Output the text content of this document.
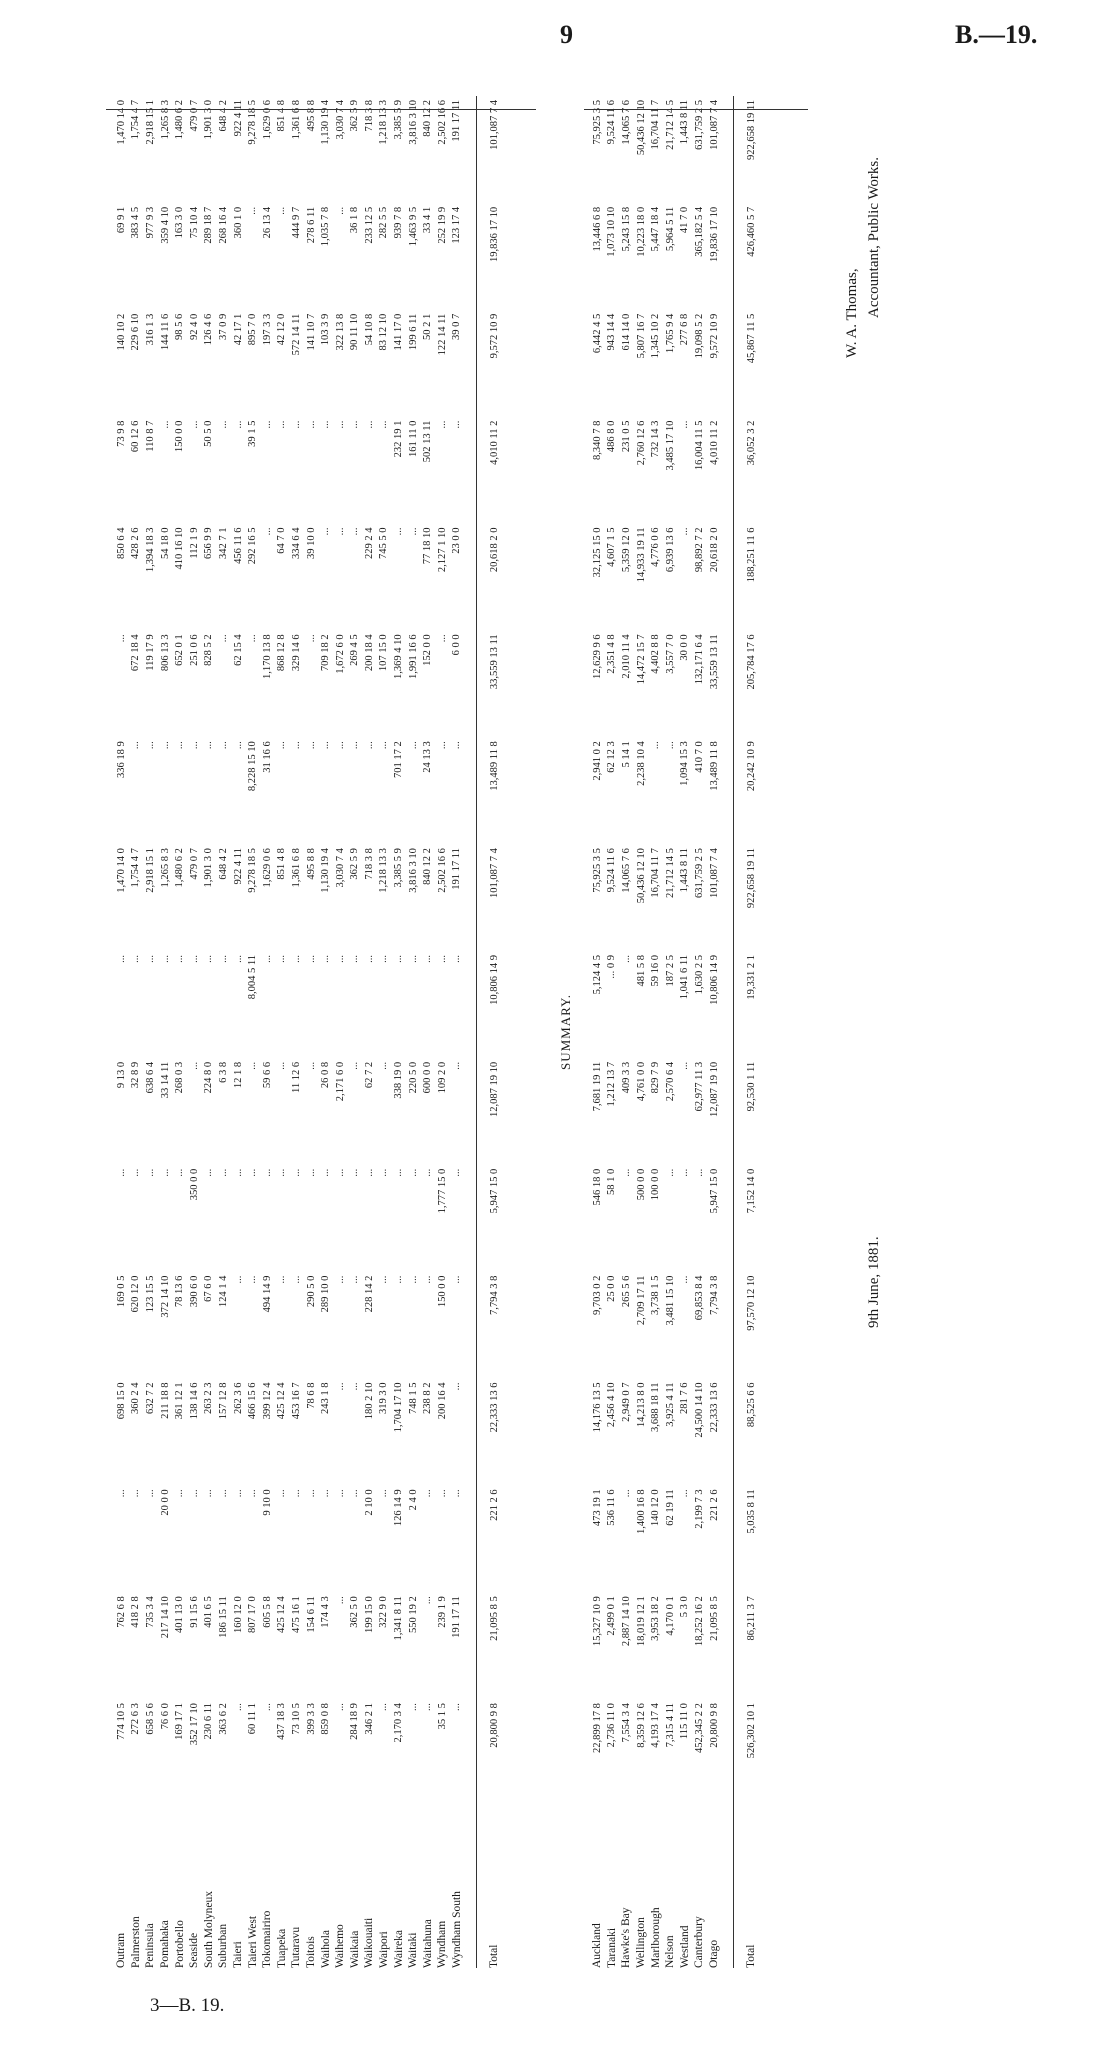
9	B.—19.
Outram
774 10 5
762 6 8
...
698 15 0
169 0 5
...
9 13 0
...
1,470 14 0
336 18 9
...
850 6 4
73 9 8
140 10 2
69 9 1
1,470 14 0
Palmerston
272 6 3
418 2 8
...
360 2 4
620 12 0
...
32 8 9
...
1,754 4 7
...
672 18 4
428 2 6
60 12 6
229 6 10
383 4 5
1,754 4 7
Peninsula
658 5 6
735 3 4
...
632 7 2
123 15 5
...
638 6 4
...
2,918 15 1
...
119 17 9
1,394 18 3
110 8 7
316 1 3
977 9 3
2,918 15 1
Pomahaka
76 6 0
217 14 10
20 0 0
211 18 8
372 14 10
...
33 14 11
...
1,265 8 3
...
806 13 3
54 18 0
...
144 11 6
359 4 10
1,265 8 3
Portobello
169 17 1
401 13 0
...
361 12 1
78 13 6
...
268 0 3
...
1,480 6 2
...
652 0 1
410 16 10
150 0 0
98 5 6
163 3 0
1,480 6 2
Seaside
352 17 10
91 15 6
...
138 14 6
390 6 0
350 0 0
...
...
479 0 7
...
251 0 6
112 1 9
...
92 4 0
75 10 4
479 0 7
South Molyneux
230 6 11
401 6 5
...
263 2 3
67 6 0
...
224 8 0
...
1,901 3 0
...
828 5 2
656 9 9
50 5 0
126 4 6
289 18 7
1,901 3 0
Suburban
363 6 2
186 15 11
...
157 12 8
124 1 4
...
6 3 8
...
648 4 2
...
...
342 7 1
...
37 0 9
268 16 4
648 4 2
Taieri
...
160 12 0
...
262 3 6
...
...
12 1 8
...
922 4 11
...
62 15 4
456 11 6
...
42 17 1
360 1 0
922 4 11
Taieri West
60 11 1
807 17 0
...
466 15 6
...
...
...
8,004 5 11
9,278 18 5
8,228 15 10
...
292 16 5
39 1 5
895 7 0
...
9,278 18 5
Tokomairiro
...
605 5 8
9 10 0
399 12 4
494 14 9
...
59 6 6
...
1,629 0 6
31 16 6
1,170 13 8
...
...
197 3 3
26 13 4
1,629 0 6
Tuapeka
437 18 3
425 12 4
...
425 12 4
...
...
...
...
851 4 8
...
868 12 8
64 7 0
...
42 12 0
...
851 4 8
Tutaravu
73 10 5
475 16 1
...
453 16 7
...
...
11 12 6
...
1,361 6 8
...
329 14 6
334 6 4
...
572 14 11
444 9 7
1,361 6 8
Toitois
399 3 3
154 6 11
...
78 6 8
290 5 0
...
...
...
495 8 8
...
...
39 10 0
...
141 10 7
278 6 11
495 8 8
Waihola
859 0 8
174 4 3
...
243 1 8
289 10 0
...
26 0 8
...
1,130 19 4
...
709 18 2
...
...
103 3 9
1,035 7 8
1,130 19 4
Waihemo
...
...
...
...
...
...
2,171 6 0
...
3,030 7 4
...
1,672 6 0
...
...
322 13 8
...
3,030 7 4
Waikaia
284 18 9
362 5 0
...
...
...
...
...
...
362 5 9
...
269 4 5
...
...
90 11 10
36 1 8
362 5 9
Waikouaiti
346 2 1
199 15 0
2 10 0
180 2 10
228 14 2
...
62 7 2
...
718 3 8
...
200 18 4
229 2 4
...
54 10 8
233 12 5
718 3 8
Waipori
...
322 9 0
...
319 3 0
...
...
...
...
1,218 13 3
...
107 15 0
745 5 0
...
83 12 10
282 5 5
1,218 13 3
Waireka
2,170 3 4
1,341 8 11
126 14 9
1,704 17 10
...
...
338 19 0
...
3,385 5 9
701 17 2
1,369 4 10
...
232 19 1
141 17 0
939 7 8
3,385 5 9
Waitaki
...
550 19 2
2 4 0
748 1 5
...
...
220 5 0
...
3,816 3 10
...
1,991 16 6
...
161 11 0
199 6 11
1,463 9 5
3,816 3 10
Waitahuna
...
...
...
238 8 2
...
...
600 0 0
...
840 12 2
24 13 3
152 0 0
77 18 10
502 13 11
50 2 1
33 4 1
840 12 2
Wyndham
35 1 5
239 1 9
...
200 16 4
150 0 0
1,777 15 0
109 2 0
...
2,502 16 6
...
...
2,127 1 10
...
122 14 11
252 19 9
2,502 16 6
Wyndham South
...
191 17 11
...
...
...
...
...
...
191 17 11
...
6 0 0
23 0 0
...
39 0 7
123 17 4
191 17 11
Total
20,800 9 8
21,095 8 5
221 2 6
22,333 13 6
7,794 3 8
5,947 15 0
12,087 19 10
10,806 14 9
101,087 7 4
13,489 11 8
33,559 13 11
20,618 2 0
4,010 11 2
9,572 10 9
19,836 17 10
101,087 7 4
SUMMARY.
Auckland
22,899 17 8
15,327 10 9
473 19 1
14,176 13 5
9,703 0 2
546 18 0
7,681 19 11
5,124 4 5
75,925 3 5
2,941 0 2
12,629 9 6
32,125 15 0
8,340 7 8
6,442 4 5
13,446 6 8
75,925 3 5
Taranaki
2,736 11 0
2,499 0 1
536 11 6
2,456 4 10
25 0 0
58 1 0
1,212 13 7
... 0 9
9,524 11 6
62 12 3
2,351 4 8
4,607 1 5
486 8 0
943 14 4
1,073 10 10
9,524 11 6
Hawke's Bay
7,554 3 4
2,887 14 10
...
2,949 0 7
265 5 6
...
409 3 3
...
14,065 7 6
5 14 1
2,010 11 4
5,359 12 0
231 0 5
614 14 0
5,243 15 8
14,065 7 6
Wellington
8,359 12 6
18,019 12 1
1,400 16 8
14,213 8 0
2,709 17 11
500 0 0
4,761 0 0
481 5 8
50,436 12 10
2,238 10 4
14,472 15 7
14,933 19 11
2,760 12 6
5,807 16 7
10,223 18 0
50,436 12 10
Marlborough
4,193 17 4
3,953 18 2
140 12 0
3,688 18 11
3,738 1 5
100 0 0
829 7 9
59 16 0
16,704 11 7
...
4,402 8 8
4,776 0 6
732 14 3
1,345 10 2
5,447 18 4
16,704 11 7
Nelson
7,315 4 11
4,170 0 1
62 19 11
3,925 4 11
3,481 15 10
...
2,570 6 4
187 2 5
21,712 14 5
...
3,557 7 0
6,939 13 6
3,485 17 10
1,765 9 4
5,964 5 11
21,712 14 5
Westland
115 11 0
5 3 0
...
281 7 6
...
...
...
1,041 6 11
1,443 8 11
1,094 15 3
30 0 0
...
...
277 6 8
41 7 0
1,443 8 11
Canterbury
452,345 2 2
18,252 16 2
2,199 7 3
24,500 14 10
69,853 8 4
...
62,977 11 3
1,630 2 5
631,759 2 5
410 7 0
132,171 6 4
98,892 7 2
16,004 11 5
19,098 5 2
365,182 5 4
631,759 2 5
Otago
20,800 9 8
21,095 8 5
221 2 6
22,333 13 6
7,794 3 8
5,947 15 0
12,087 19 10
10,806 14 9
101,087 7 4
13,489 11 8
33,559 13 11
20,618 2 0
4,010 11 2
9,572 10 9
19,836 17 10
101,087 7 4
Total
526,302 10 1
86,211 3 7
5,035 8 11
88,525 6 6
97,570 12 10
7,152 14 0
92,530 1 11
19,331 2 1
922,658 19 11
20,242 10 9
205,784 17 6
188,251 11 6
36,052 3 2
45,867 11 5
426,460 5 7
922,658 19 11
9th June, 1881.
W. A. Thomas, Accountant, Public Works.
3—B. 19.
